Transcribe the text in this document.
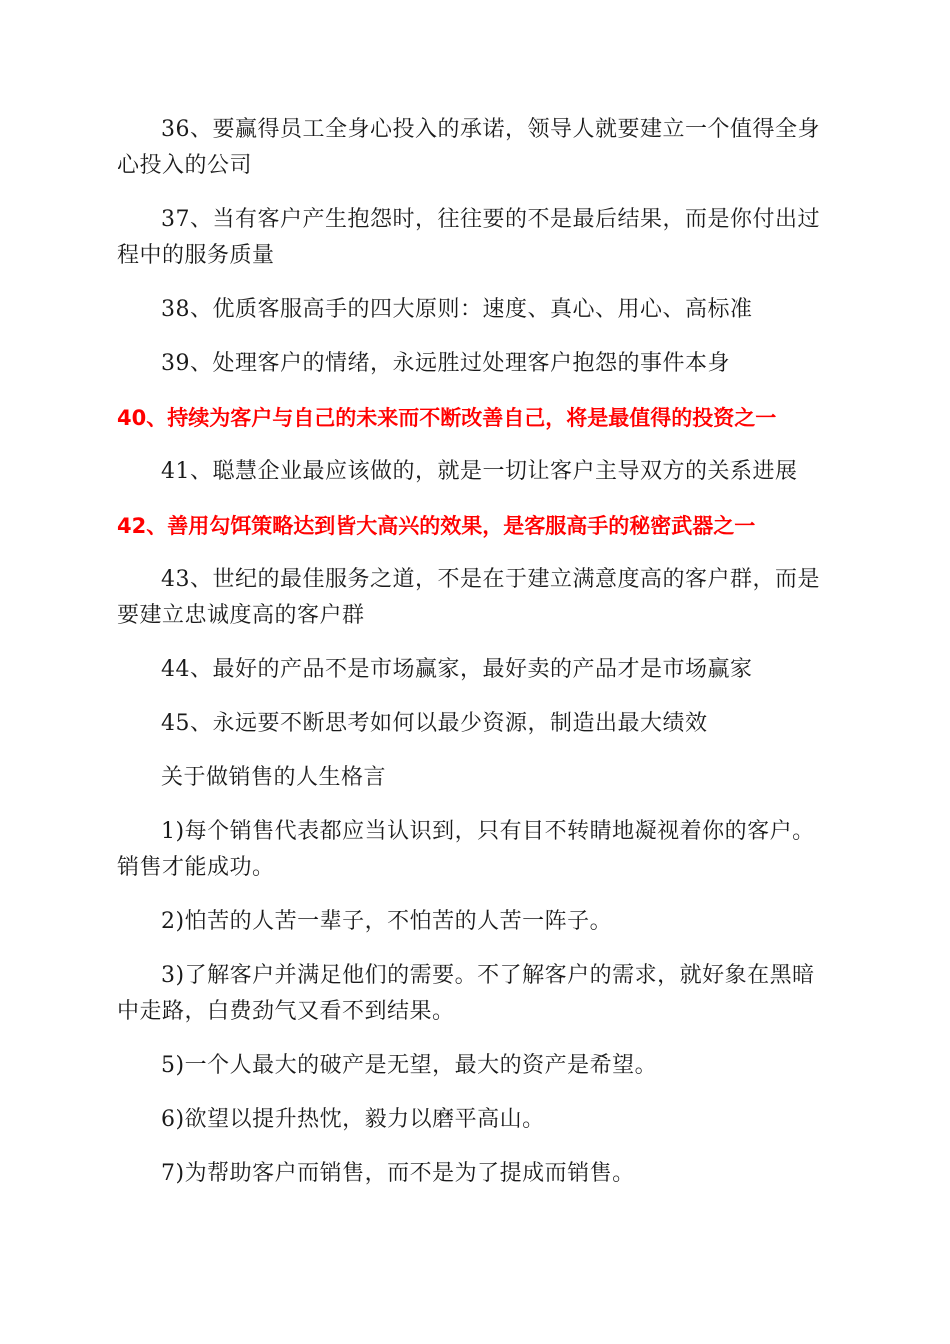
36、要赢得员工全身心投入的承诺，领导人就要建立一个值得全身心投入的公司

37、当有客户产生抱怨时，往往要的不是最后结果，而是你付出过程中的服务质量

38、优质客服高手的四大原则：速度、真心、用心、高标准

39、处理客户的情绪，永远胜过处理客户抱怨的事件本身

40、持续为客户与自己的未来而不断改善自己，将是最值得的投资之一

41、聪慧企业最应该做的，就是一切让客户主导双方的关系进展

42、善用勾饵策略达到皆大高兴的效果，是客服高手的秘密武器之一

43、世纪的最佳服务之道，不是在于建立满意度高的客户群，而是要建立忠诚度高的客户群

44、最好的产品不是市场赢家，最好卖的产品才是市场赢家

45、永远要不断思考如何以最少资源，制造出最大绩效

关于做销售的人生格言

1)每个销售代表都应当认识到，只有目不转睛地凝视着你的客户。销售才能成功。

2)怕苦的人苦一辈子，不怕苦的人苦一阵子。

3)了解客户并满足他们的需要。不了解客户的需求，就好象在黑暗中走路，白费劲气又看不到结果。

5)一个人最大的破产是无望，最大的资产是希望。

6)欲望以提升热忱，毅力以磨平高山。

7)为帮助客户而销售，而不是为了提成而销售。
